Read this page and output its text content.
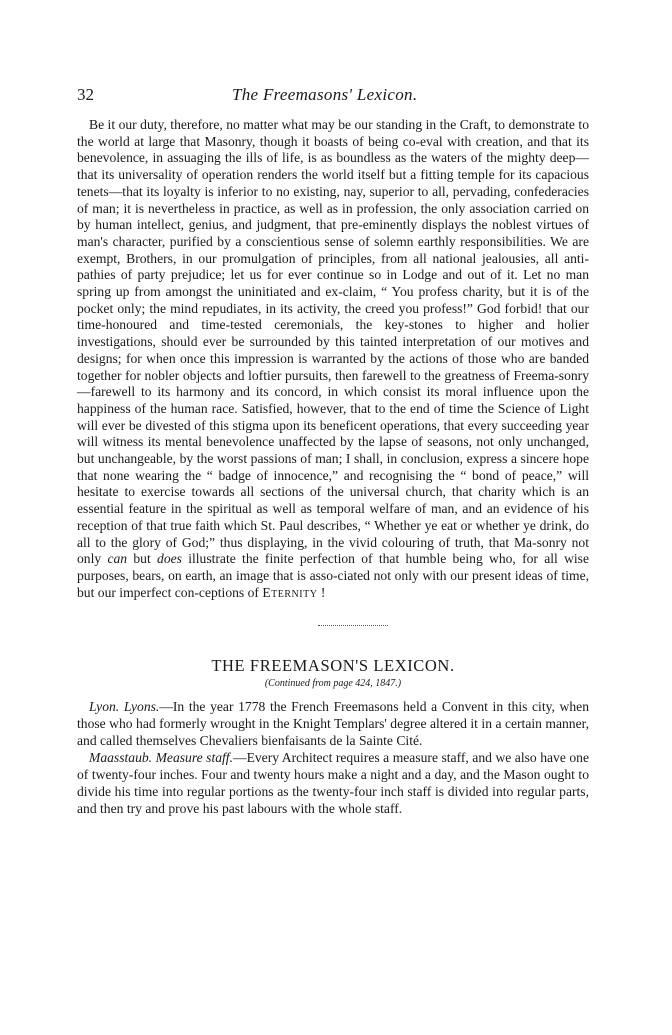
32	The Freemasons' Lexicon.

Be it our duty, therefore, no matter what may be our standing in the Craft, to demonstrate to the world at large that Masonry, though it boasts of being co-eval with creation, and that its benevolence, in assuaging the ills of life, is as boundless as the waters of the mighty deep—that its universality of operation renders the world itself but a fitting temple for its capacious tenets—that its loyalty is inferior to no existing, nay, superior to all, pervading, confederacies of man; it is nevertheless in practice, as well as in profession, the only association carried on by human intellect, genius, and judgment, that pre-eminently displays the noblest virtues of man's character, purified by a conscientious sense of solemn earthly responsibilities. We are exempt, Brothers, in our promulgation of principles, from all national jealousies, all anti-pathies of party prejudice; let us for ever continue so in Lodge and out of it. Let no man spring up from amongst the uninitiated and ex-claim, “ You profess charity, but it is of the pocket only; the mind repudiates, in its activity, the creed you profess!” God forbid! that our time-honoured and time-tested ceremonials, the key-stones to higher and holier investigations, should ever be surrounded by this tainted interpretation of our motives and designs; for when once this impression is warranted by the actions of those who are banded together for nobler objects and loftier pursuits, then farewell to the greatness of Freema-sonry—farewell to its harmony and its concord, in which consist its moral influence upon the happiness of the human race. Satisfied, however, that to the end of time the Science of Light will ever be divested of this stigma upon its beneficent operations, that every succeeding year will witness its mental benevolence unaffected by the lapse of seasons, not only unchanged, but unchangeable, by the worst passions of man; I shall, in conclusion, express a sincere hope that none wearing the “ badge of innocence,” and recognising the “ bond of peace,” will hesitate to exercise towards all sections of the universal church, that charity which is an essential feature in the spiritual as well as temporal welfare of man, and an evidence of his reception of that true faith which St. Paul describes, “ Whether ye eat or whether ye drink, do all to the glory of God;” thus displaying, in the vivid colouring of truth, that Ma-sonry not only can but does illustrate the finite perfection of that humble being who, for all wise purposes, bears, on earth, an image that is asso-ciated not only with our present ideas of time, but our imperfect con-ceptions of Eternity !

THE FREEMASON'S LEXICON.
(Continued from page 424, 1847.)

Lyon. Lyons.—In the year 1778 the French Freemasons held a Convent in this city, when those who had formerly wrought in the Knight Templars' degree altered it in a certain manner, and called themselves Chevaliers bienfaisants de la Sainte Cité.

Maasstaub. Measure staff.—Every Architect requires a measure staff, and we also have one of twenty-four inches. Four and twenty hours make a night and a day, and the Mason ought to divide his time into regular portions as the twenty-four inch staff is divided into regular parts, and then try and prove his past labours with the whole staff.
